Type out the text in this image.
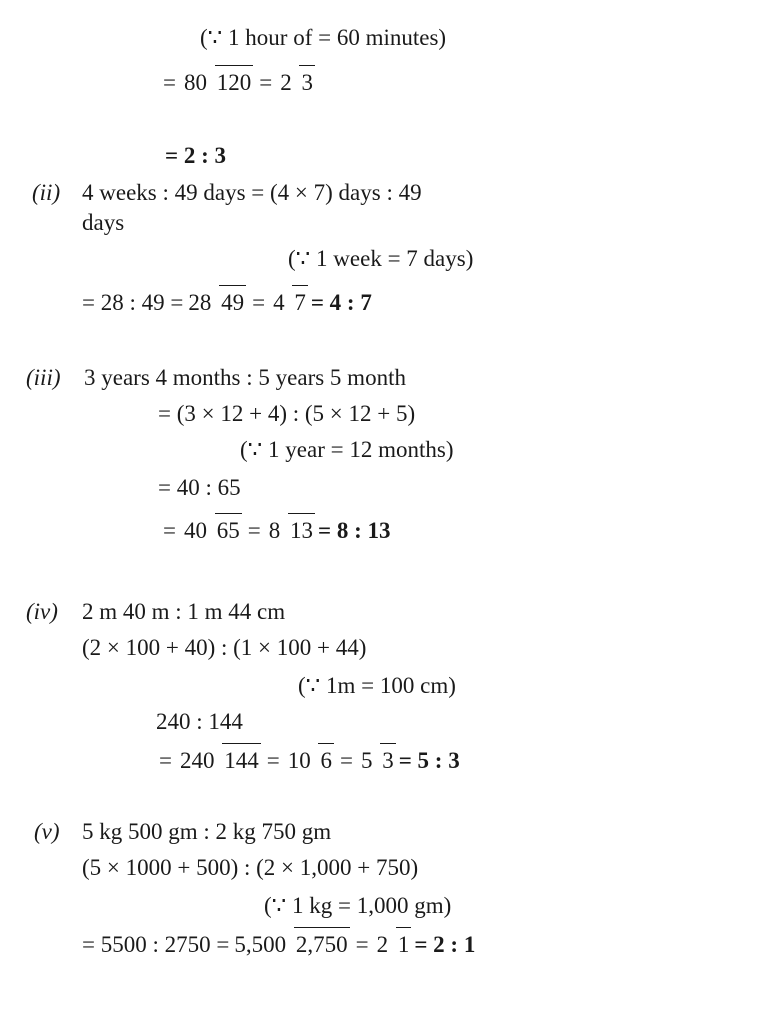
(∵ 1 hour of = 60 minutes)
= 80 120 = 2 3
= 2 : 3
(ii) 4 weeks : 49 days = (4 × 7) days : 49
days
(∵ 1 week = 7 days)
= 28 : 49 = 28 49 = 4 7 = 4 : 7
(iii) 3 years 4 months : 5 years 5 month
= (3 × 12 + 4) : (5 × 12 + 5)
(∵ 1 year = 12 months)
= 40 : 65
= 40 65 = 8 13 = 8 : 13
(iv) 2 m 40 m : 1 m 44 cm
(2 × 100 + 40) : (1 × 100 + 44)
(∵ 1m = 100 cm)
240 : 144
= 240 144 = 10 6 = 5 3 = 5 : 3
(v) 5 kg 500 gm : 2 kg 750 gm
(5 × 1000 + 500) : (2 × 1,000 + 750)
(∵ 1 kg = 1,000 gm)
= 5500 : 2750 = 5,500 2,750 = 2 1 = 2 : 1
